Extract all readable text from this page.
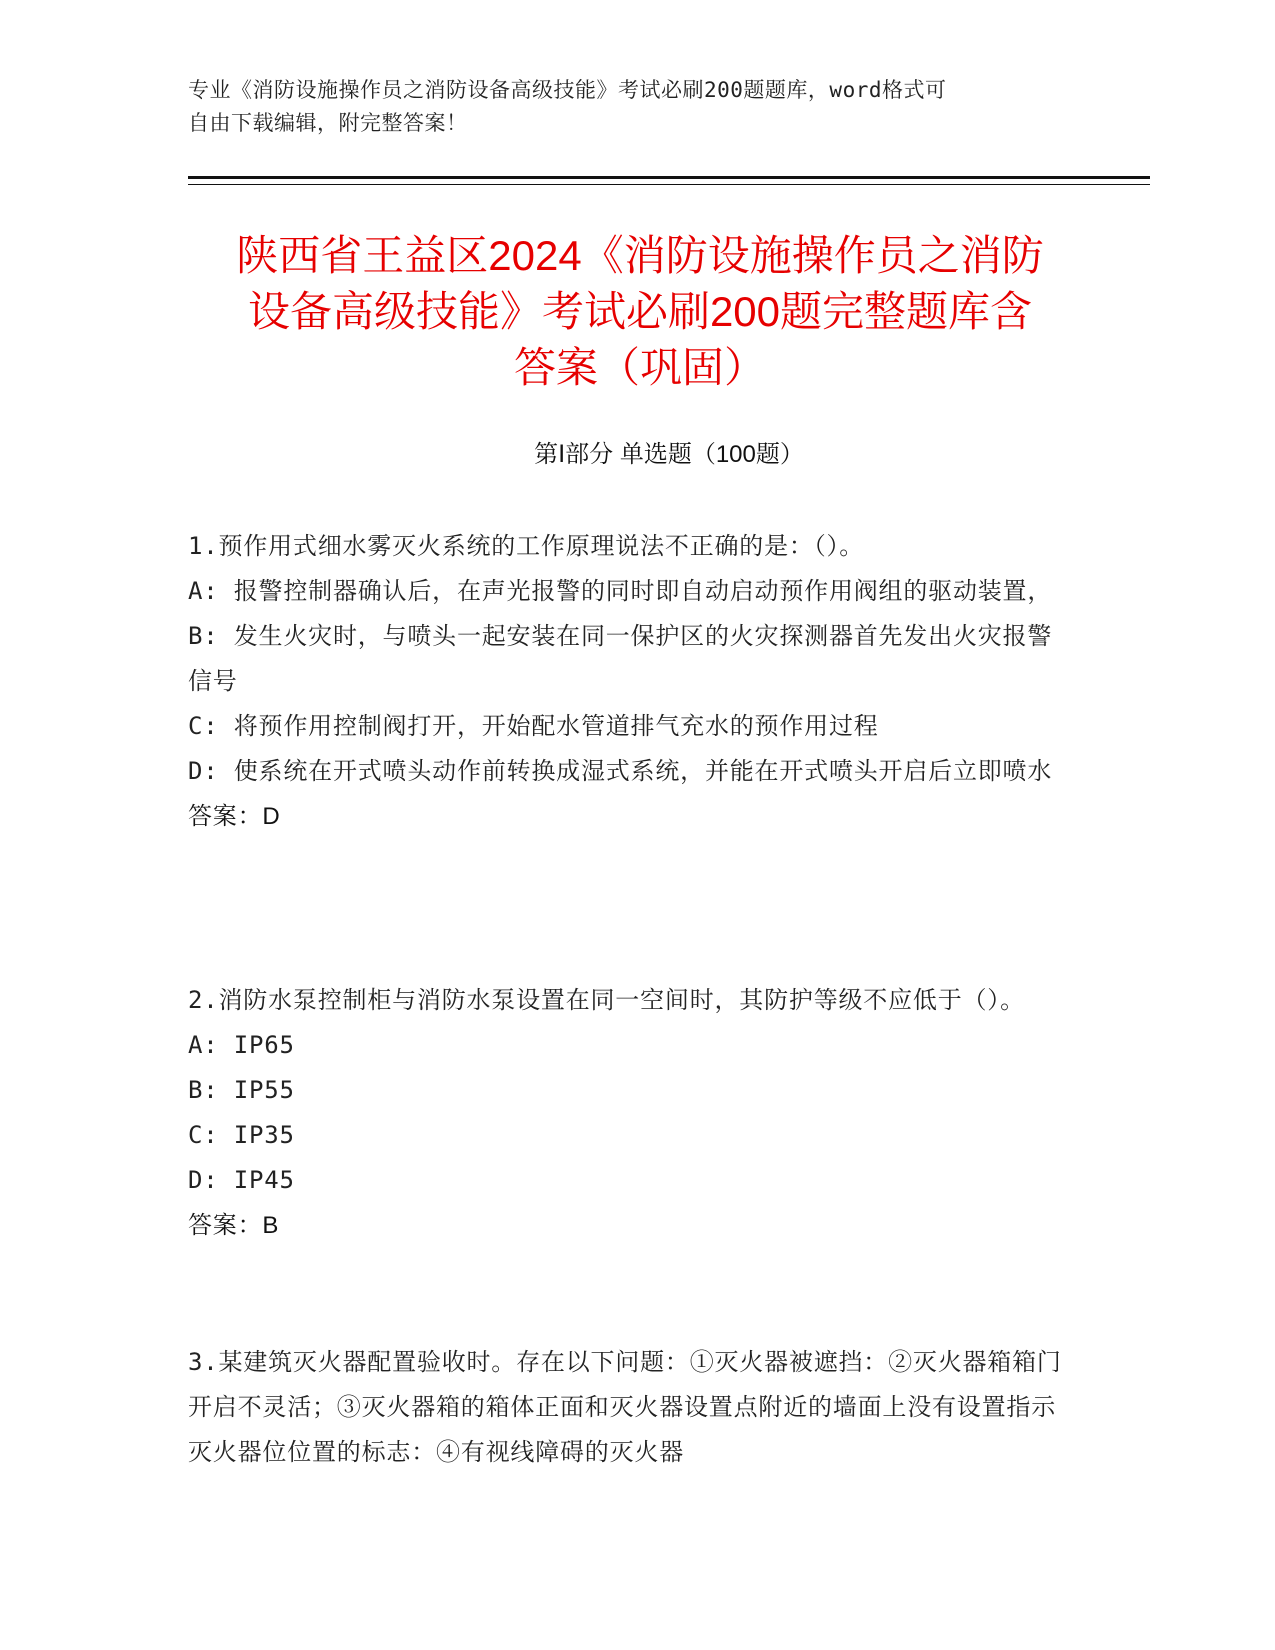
专业《消防设施操作员之消防设备高级技能》考试必刷200题题库，word格式可
自由下载编辑，附完整答案！
陕西省王益区2024《消防设施操作员之消防
设备高级技能》考试必刷200题完整题库含
答案（巩固）
第Ⅰ部分 单选题（100题）

1.预作用式细水雾灭火系统的工作原理说法不正确的是：（）。

A: 报警控制器确认后，在声光报警的同时即自动启动预作用阀组的驱动装置，

B: 发生火灾时，与喷头一起安装在同一保护区的火灾探测器首先发出火灾报警信号

C: 将预作用控制阀打开，开始配水管道排气充水的预作用过程

D: 使系统在开式喷头动作前转换成湿式系统，并能在开式喷头开启后立即喷水

答案：D

2.消防水泵控制柜与消防水泵设置在同一空间时，其防护等级不应低于（）。

A: IP65

B: IP55

C: IP35

D: IP45

答案：B

3.某建筑灭火器配置验收时。存在以下问题：①灭火器被遮挡：②灭火器箱箱门开启不灵活；③灭火器箱的箱体正面和灭火器设置点附近的墙面上没有设置指示灭火器位位置的标志：④有视线障碍的灭火器
